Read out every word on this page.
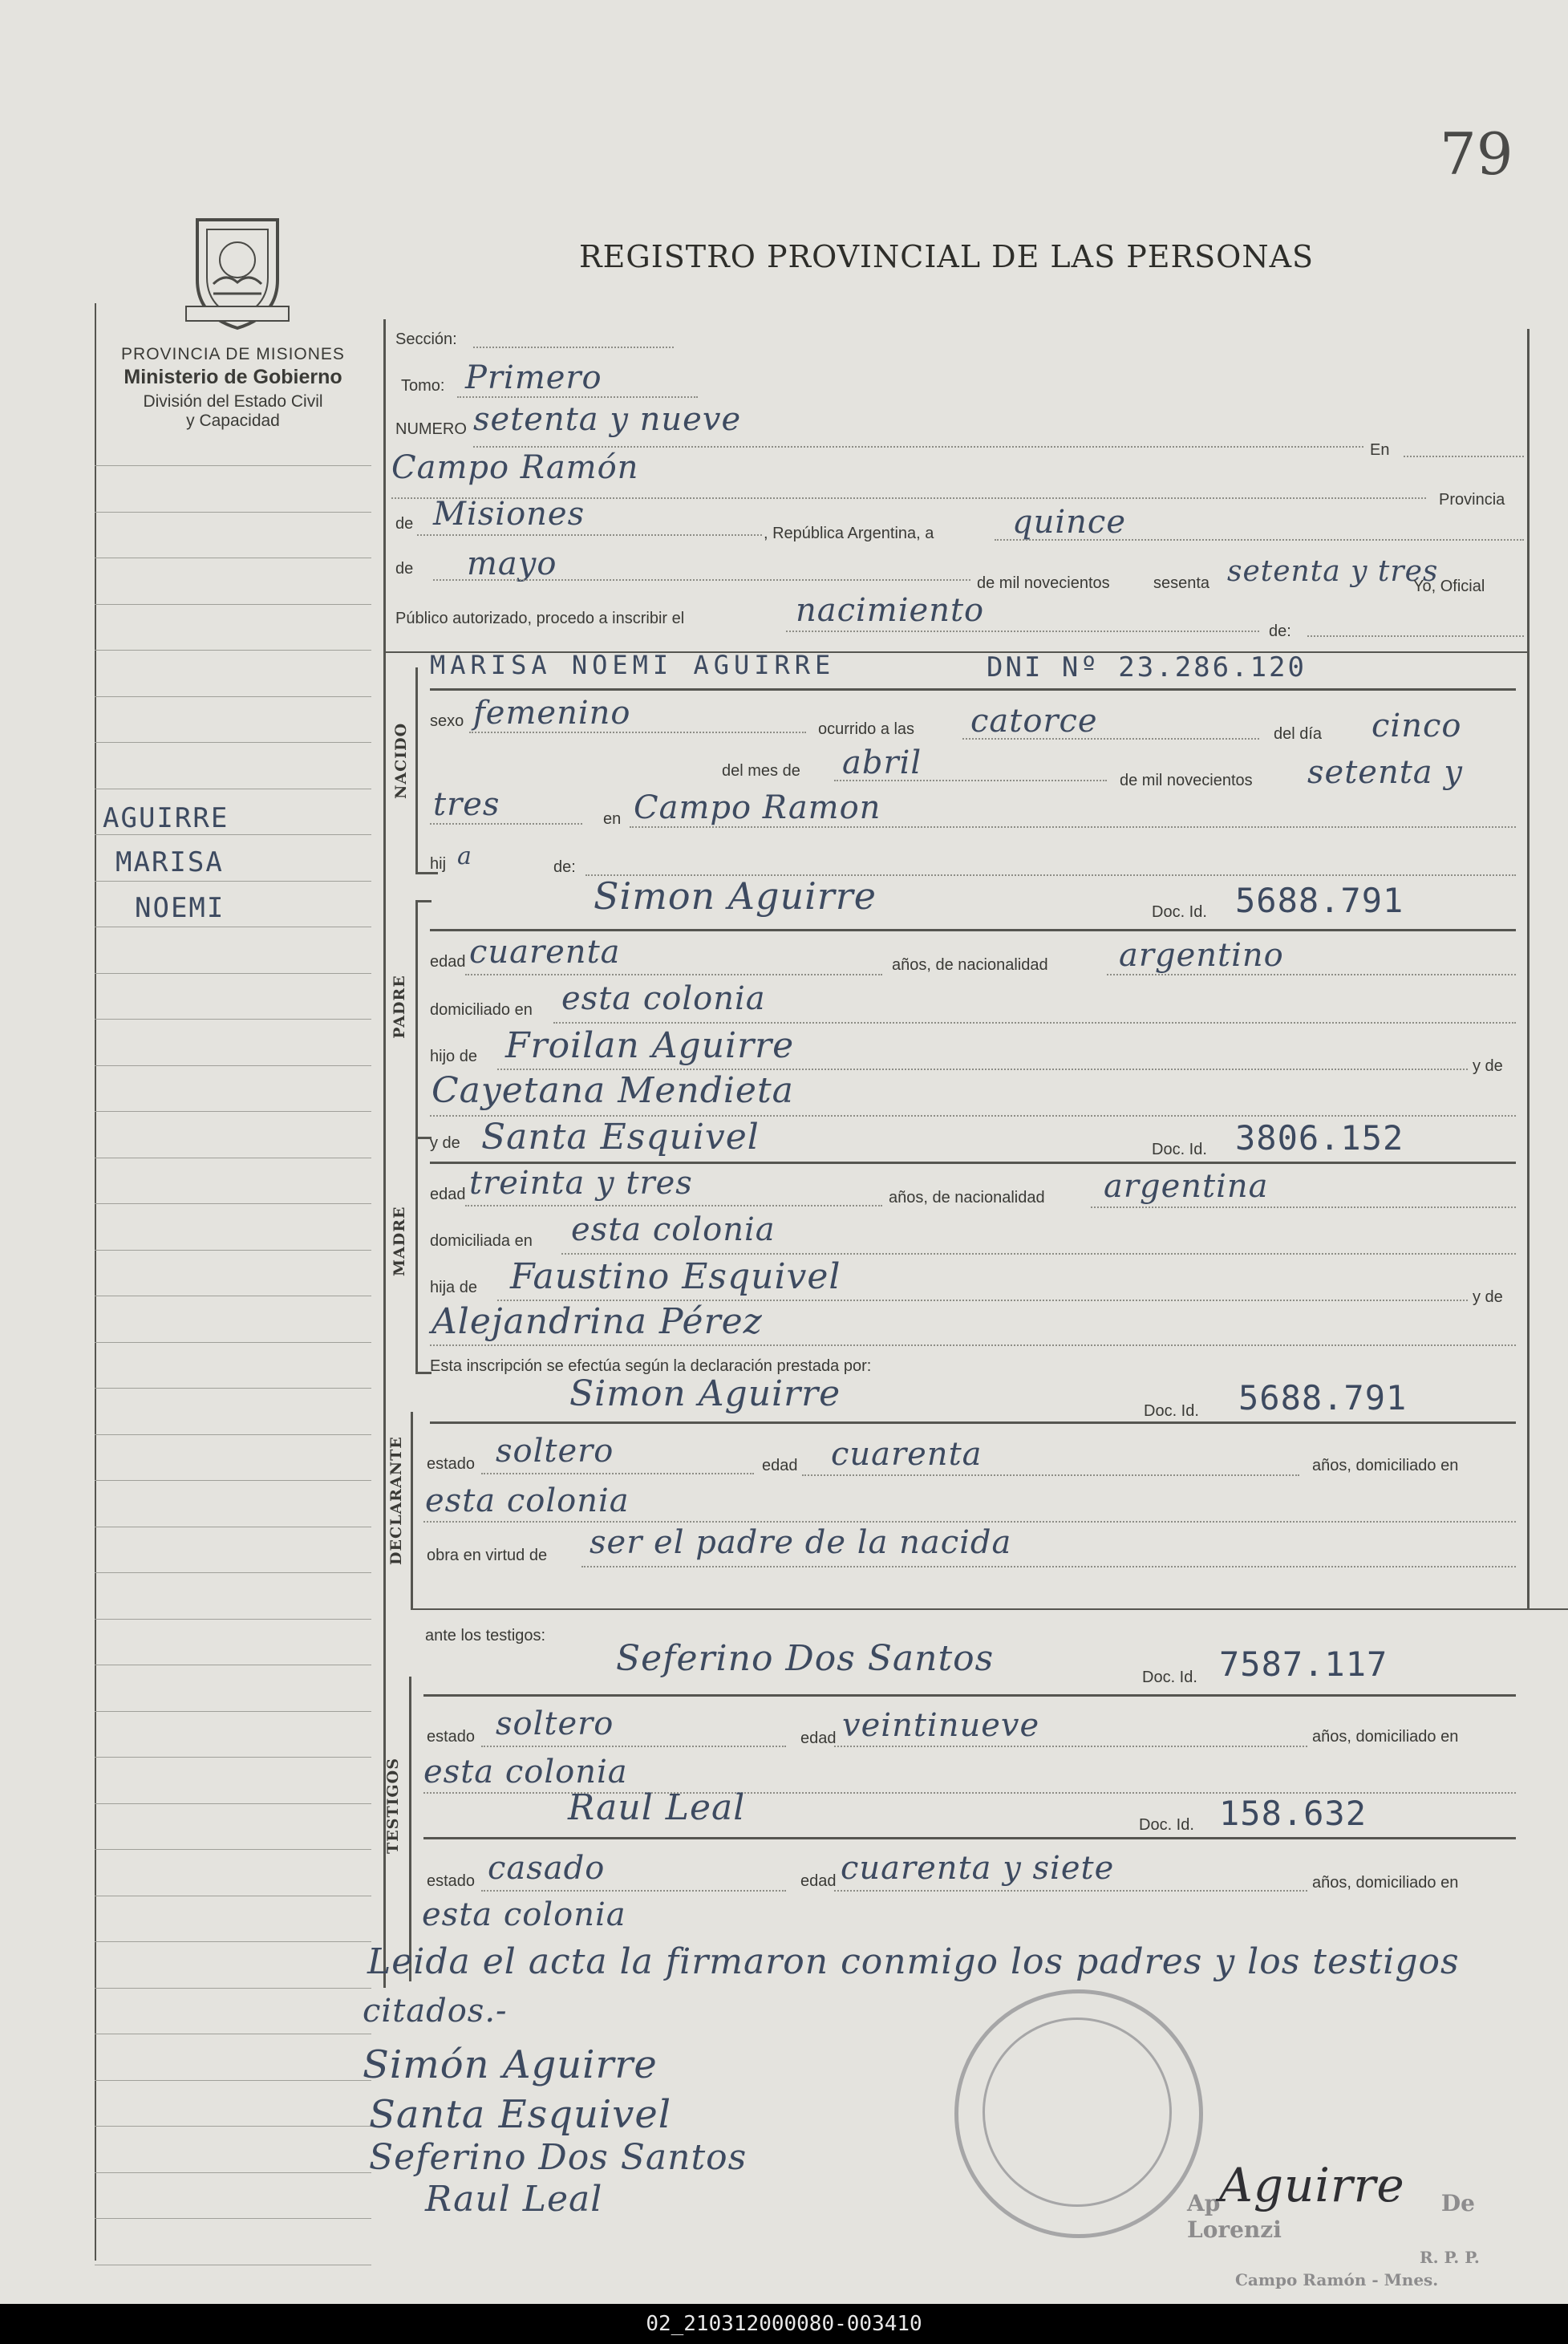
79
REGISTRO PROVINCIAL DE LAS PERSONAS
PROVINCIA DE MISIONES
Ministerio de Gobierno
División del Estado Civil
y Capacidad
AGUIRRE
MARISA
NOEMI
Sección:
Tomo: Primero
NUMERO setenta y nueve
En
Campo Ramón
Provincia
de Misiones
, República Argentina, a quince
de mayo
de mil novecientos	sesenta setenta y tres
Yo, Oficial
Público autorizado, procedo a inscribir el	nacimiento
de:
NACIDO
MARISA NOEMI AGUIRRE	DNI Nº 23.286.120
sexo femenino	ocurrido a las catorce	del día cinco
del mes de abril	de mil novecientos setenta y
tres	en Campo Ramon
hij a	de:
Simon Aguirre	Doc. Id. 5688.791
PADRE
edad cuarenta	años, de nacionalidad argentino
domiciliado en esta colonia
hijo de Froilan Aguirre	y de
Cayetana Mendieta
y de Santa Esquivel	Doc. Id. 3806.152
MADRE
edad treinta y tres	años, de nacionalidad argentina
domiciliada en esta colonia
hija de Faustino Esquivel	y de
Alejandrina Pérez
Esta inscripción se efectúa según la declaración prestada por:
Simon Aguirre	Doc. Id. 5688.791
DECLARANTE estado soltero	edad cuarenta	años, domiciliado en
esta colonia
obra en virtud de ser el padre de la nacida
ante los testigos:
Seferino Dos Santos	Doc. Id. 7587.117
TESTIGOS
estado soltero	edad veintinueve	años, domiciliado en
esta colonia
Raul Leal	Doc. Id. 158.632
estado casado	edad cuarenta y siete	años, domiciliado en
esta colonia
Leida el acta la firmaron conmigo los padres y los testigos
citados.-
Simón Aguirre
Santa Esquivel
Seferino Dos Santos
Raul Leal	Aguirre
Ap	De Lorenzi
R. P. P.
Campo Ramón - Mnes.
02_210312000080-003410
